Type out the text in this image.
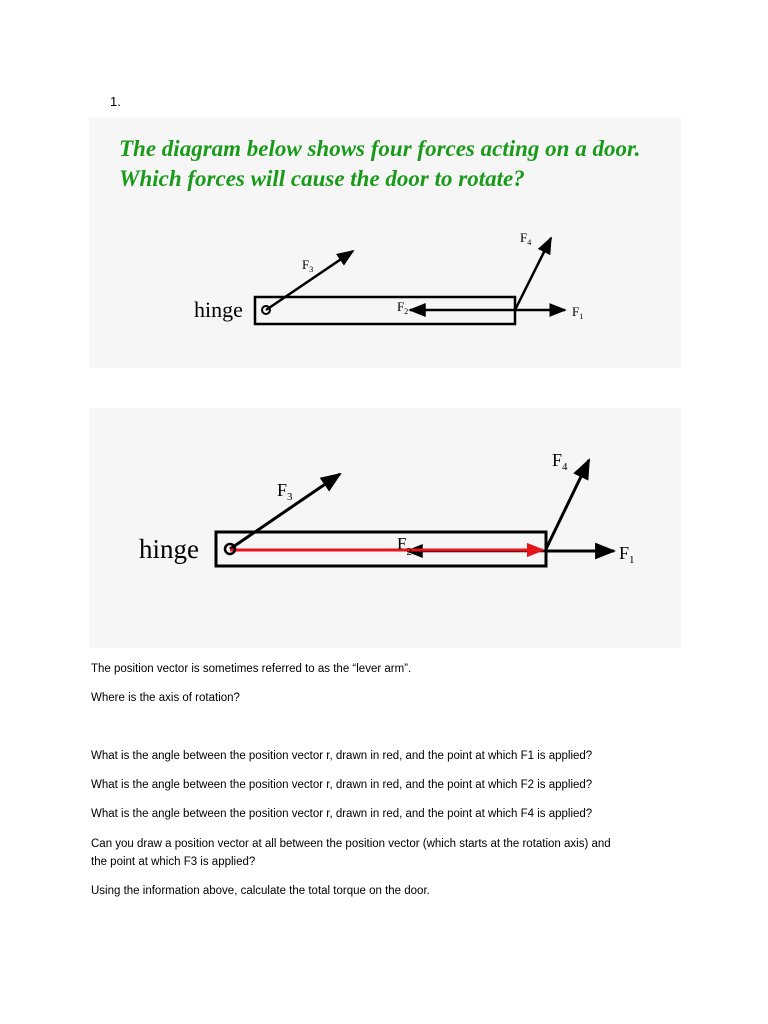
1.
The diagram below shows four forces acting on a door.
Which forces will cause the door to rotate?
hinge
$F_3$
$F_4$
$F_2$	$F_1$
hinge
$F_3$
$F_4$
$F_2$	$F_1$
The position vector is sometimes referred to as the “lever arm”.
Where is the axis of rotation?
What is the angle between the position vector r, drawn in red, and the point at which F1 is applied?
What is the angle between the position vector r, drawn in red, and the point at which F2 is applied?
What is the angle between the position vector r, drawn in red, and the point at which F4 is applied?
Can you draw a position vector at all between the position vector (which starts at the rotation axis) and
the point at which F3 is applied?
Using the information above, calculate the total torque on the door.
